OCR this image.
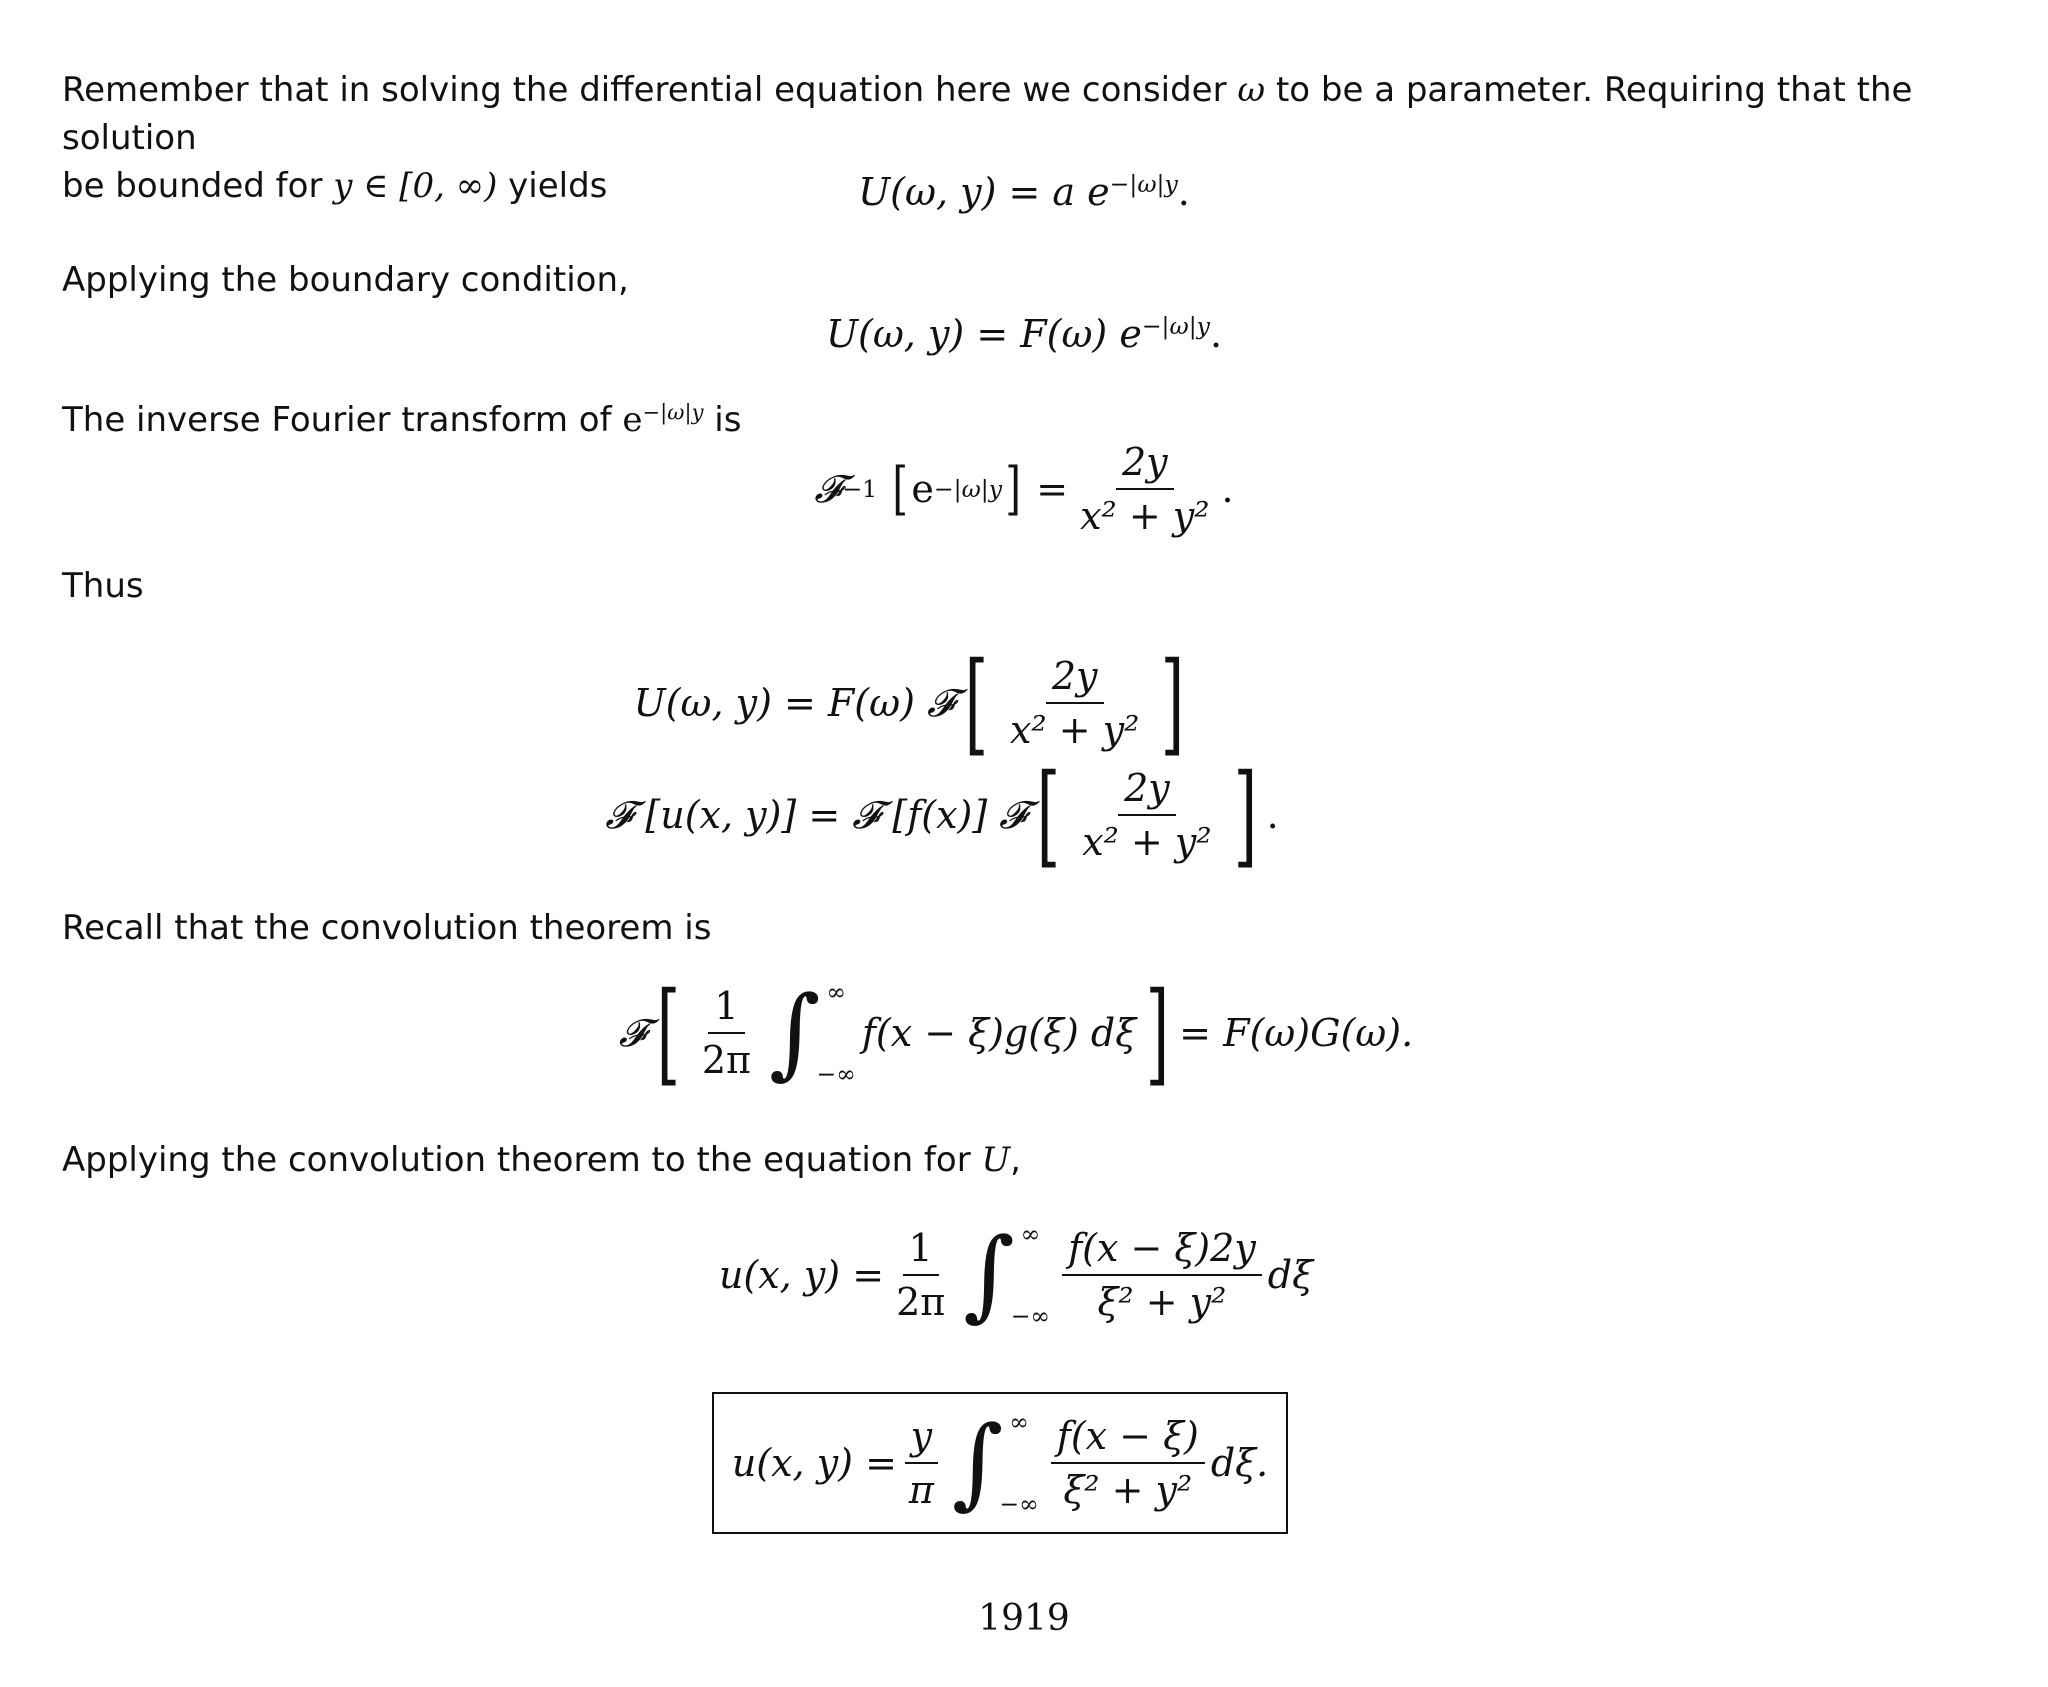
Remember that in solving the differential equation here we consider ω to be a parameter. Requiring that the solution
be bounded for y ∈ [0, ∞) yields	U(ω, y) = a $e^{-|\omega|y}$.

Applying the boundary condition,

U(ω, y) = F(ω) $e^{-|\omega|y}$.

The inverse Fourier transform of $e^{-|\omega|y}$ is

𝓕 −1 [ e −|ω|y ] = $\frac{2y}{\text{x² + y²}}$ .

Thus

U(ω, y) = F(ω) 𝓕 [ $\frac{2y}{\text{x² + y²}}$ ]
𝓕 [u(x, y)] = 𝓕 [f(x)] 𝓕 [ $\frac{2y}{\text{x² + y²}}$ ] .

Recall that the convolution theorem is

𝓕 [ $\frac{1}{2\pi}$ ∫ ∞
−∞
f(x − ξ)g(ξ) dξ ] = F(ω)G(ω).

Applying the convolution theorem to the equation for U,

u(x, $y) = \frac{1}{2\pi}$ ∫ ∞
−∞ $\frac{f(x - \xi)2y}{\text{ξ² + y²}}$ dξ
u(x, $y) = \frac{y}{\pi}$ ∫ ∞
−∞ $\frac{f(x - \xi)}{\text{ξ² + y²}} d\xi$.
1919
